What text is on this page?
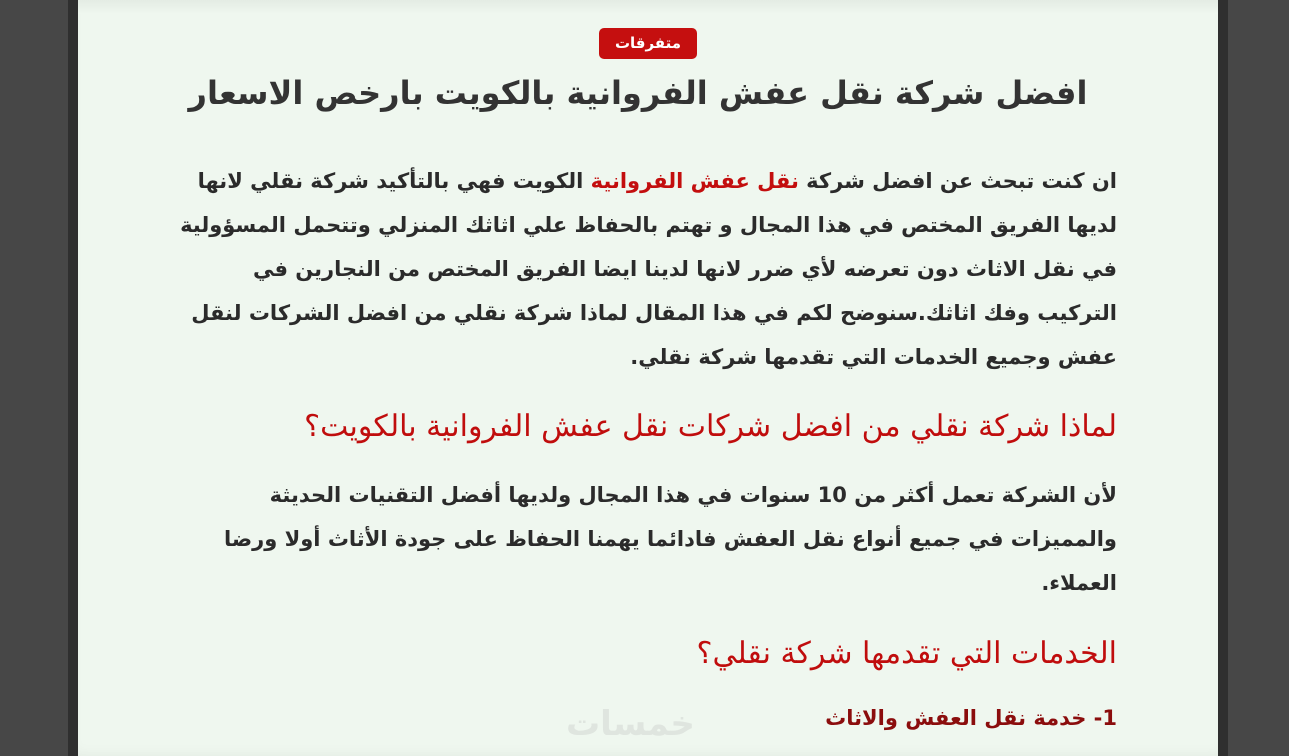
متفرقات
افضل شركة نقل عفش الفروانية بالكويت بارخص الاسعار

ان كنت تبحث عن افضل شركة نقل عفش الفروانية الكويت فهي بالتأكيد شركة نقلي لانها لديها الفريق المختص في هذا المجال و تهتم بالحفاظ علي اثاثك المنزلي وتتحمل المسؤولية في نقل الاثاث دون تعرضه لأي ضرر لانها لدينا ايضا الفريق المختص من النجارين في التركيب وفك اثاثك.سنوضح لكم في هذا المقال لماذا شركة نقلي من افضل الشركات لنقل عفش وجميع الخدمات التي تقدمها شركة نقلي.

لماذا شركة نقلي من افضل شركات نقل عفش الفروانية بالكويت؟

لأن الشركة تعمل أكثر من 10 سنوات في هذا المجال ولديها أفضل التقنيات الحديثة والمميزات في جميع أنواع نقل العفش فادائما يهمنا الحفاظ على جودة الأثاث أولا ورضا العملاء.

الخدمات التي تقدمها شركة نقلي؟
1- خدمة نقل العفش والاثاث
خمسات
